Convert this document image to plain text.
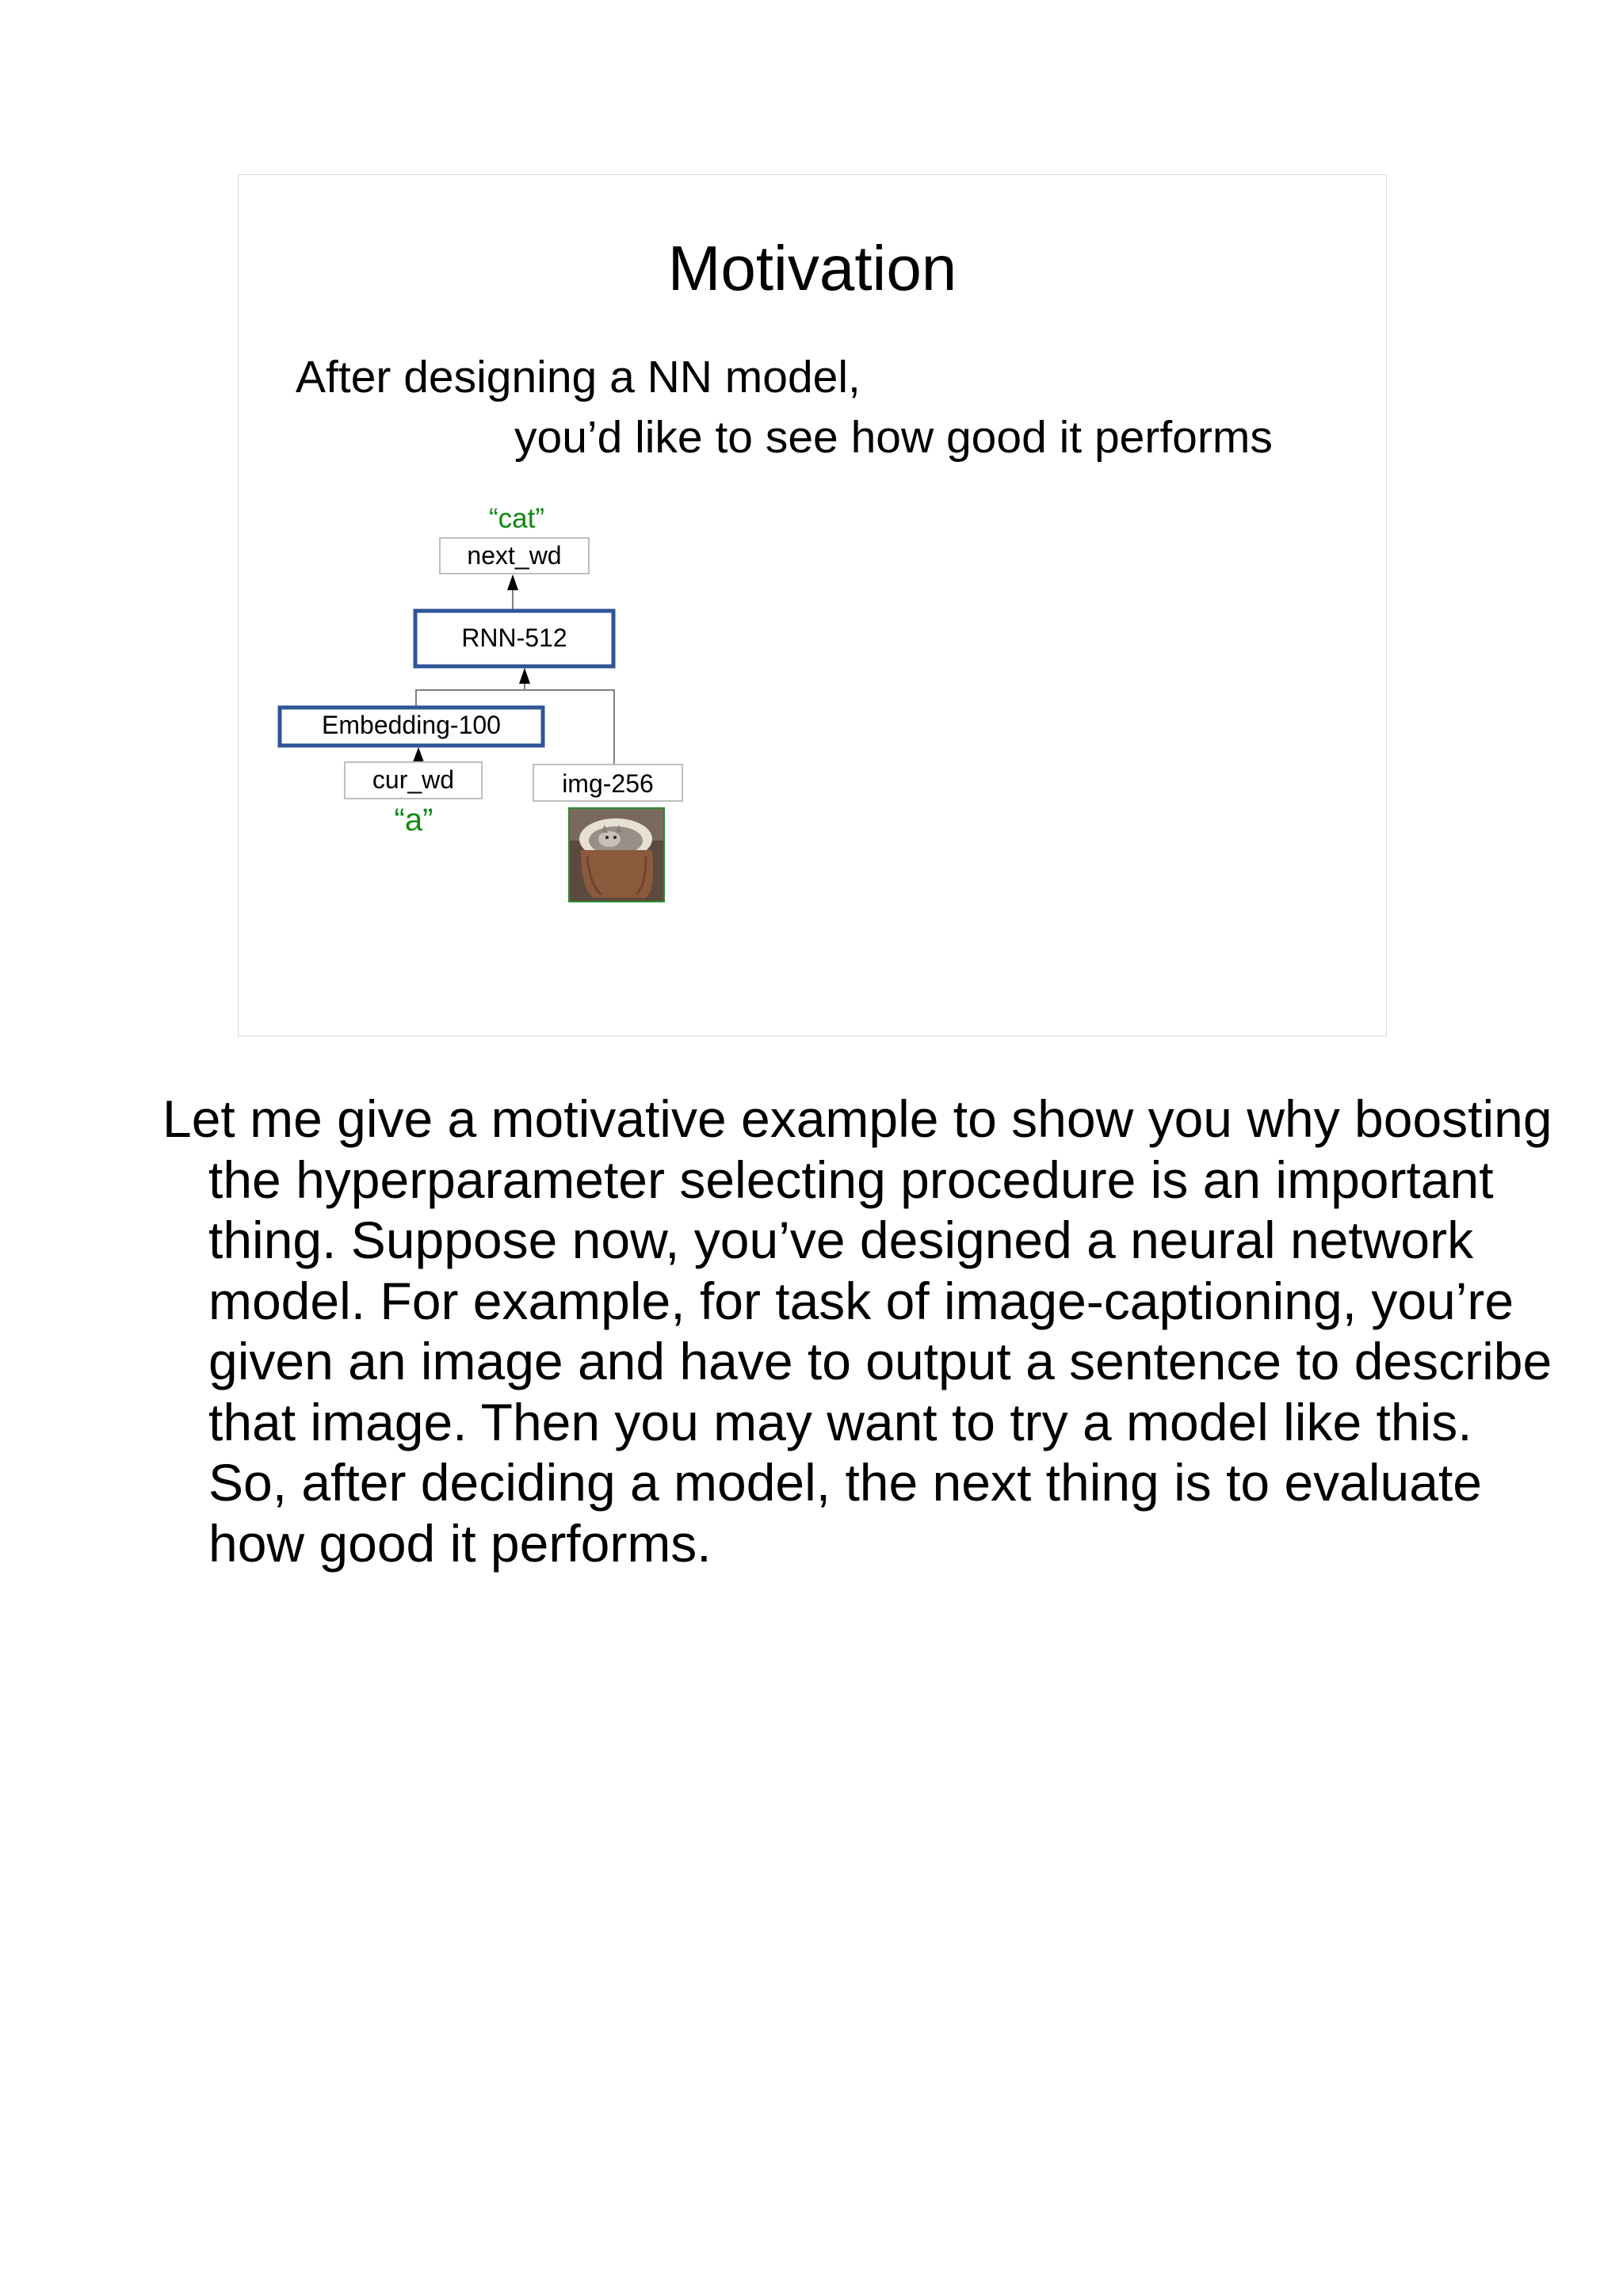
Motivation
After designing a NN model,
you’d like to see how good it performs
“cat”
next_wd
RNN-512
Embedding-100
cur_wd	img-256
“a”

Let me give a motivative example to show you why boosting the hyperparameter selecting procedure is an important thing. Suppose now, you’ve designed a neural network model. For example, for task of image-captioning, you’re given an image and have to output a sentence to describe that image. Then you may want to try a model like this. So, after deciding a model, the next thing is to evaluate how good it performs.
